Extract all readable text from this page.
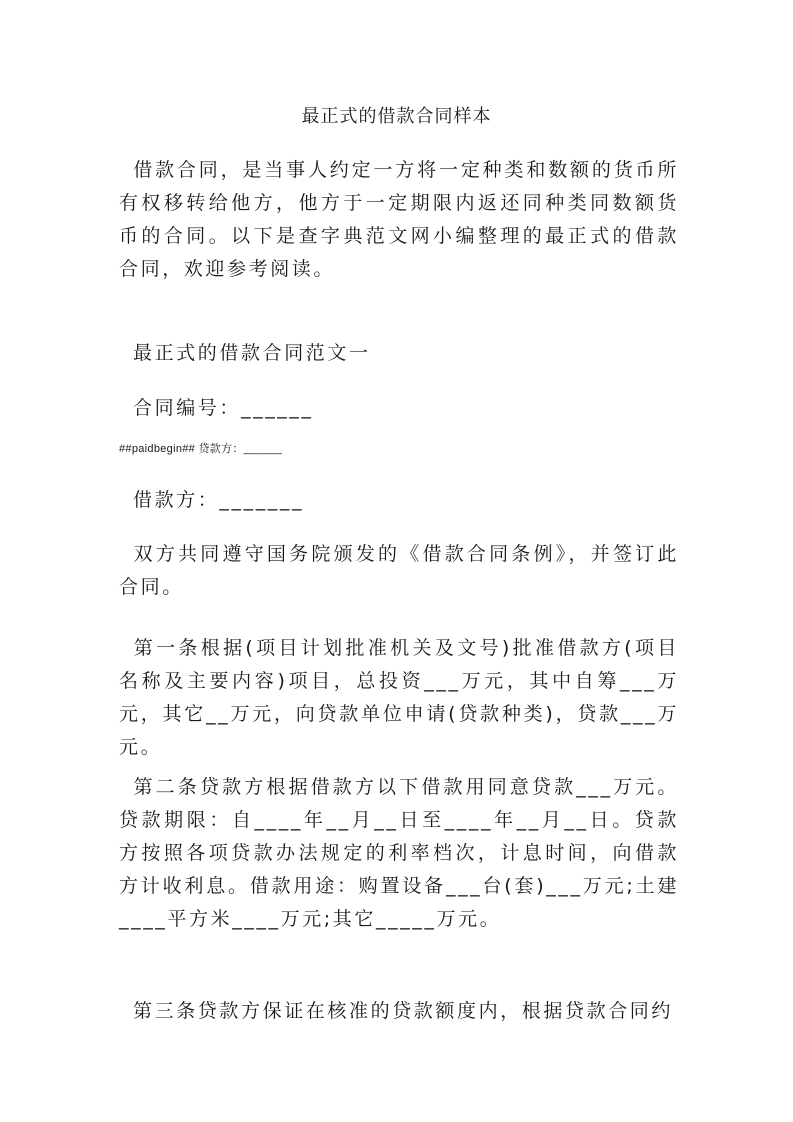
最正式的借款合同样本

借款合同，是当事人约定一方将一定种类和数额的货币所有权移转给他方，他方于一定期限内返还同种类同数额货币的合同。以下是查字典范文网小编整理的最正式的借款合同，欢迎参考阅读。

最正式的借款合同范文一

合同编号：______

##paidbegin## 贷款方：______

借款方：_______

双方共同遵守国务院颁发的《借款合同条例》，并签订此合同。

第一条根据(项目计划批准机关及文号)批准借款方(项目名称及主要内容)项目，总投资___万元，其中自筹___万元，其它__万元，向贷款单位申请(贷款种类)，贷款___万元。

第二条贷款方根据借款方以下借款用同意贷款___万元。贷款期限：自____年__月__日至____年__月__日。贷款方按照各项贷款办法规定的利率档次，计息时间，向借款方计收利息。借款用途：购置设备___台(套)___万元;土建____平方米____万元;其它_____万元。

第三条贷款方保证在核准的贷款额度内，根据贷款合同约
